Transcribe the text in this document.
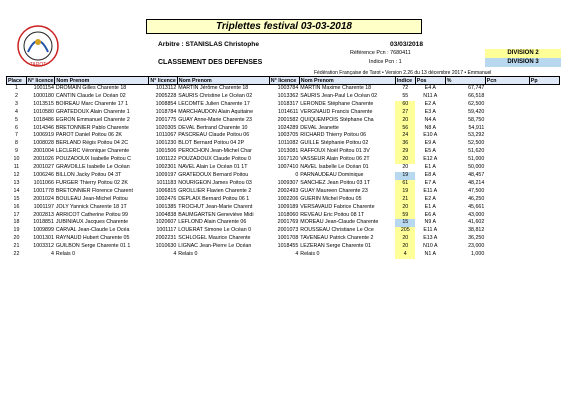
TAROT
Triplettes festival 03-03-2018
Arbitre : STANISLAS Christophe	03/03/2018
Référence Pcn : 7680411	DIVISION 2
CLASSEMENT DES DEFENSES	Indice Pcn : 1	DIVISION 3
Fédération Française de Tarot • Version 2.26 du 13 décembre 2017 • Emmanuel
Place	N° licence	Nom Prenom	N° licence	Nom Prenom	N° licence	Nom Prenom	Indice	Pos	%	Pcn	Pp
1	1001154	DROMAIN Gilles Charente 18	1013112	MARTIN Jérôme Charente 18	1003784	MARTIN Maxime Charente 18	72	E4 A	67,747		
2	1000180	CANTIN Claude Le Océan 02	2005228	SAURIS Christine Le Océan 02	1013362	SAURIS Jean-Paul Le Océan 02	55	N11 A	66,518		
3	1013515	BOIREAU Marc Charente 17 1	1008854	LECOMTE Julien Charente 17	1018317	LERONDE Stéphane Charente	60	E2 A	62,500		
4	1010580	GRATEDOUX Alain Charente 1	1018784	MARCHAUDON Alain Aquitaine	1014611	VERGNAUD Francis Charente	27	E3 A	59,420		
5	1018486	EGRON Emmanuel Charente 2	2001775	GUAY Anne-Marie Charente 23	2001582	QUIQUEMPOIS Stéphane Cha	20	N4 A	58,750		
6	1014346	BRETONNIER Pablo Charente	1020305	DEVAL Bertrand Charente 10	1024289	DEVAL Jeanette	56	N8 A	54,911		
7	1006919	PAROT Daniel Poitou 06 2K	1011067	PASCREAU Claude Poitou 06	1003705	RICHARD Thierry Poitou 06	24	E10 A	53,292		
8	1008028	BERLAND Régis Poitou 04 2C	1001230	BLOT Bernard Poitou 04 2P	1011082	GUILLE Stéphanie Poitou 02	36	E9 A	52,500		
9	2001004	LECLERC Véronique Charente	1001506	PEROCHON Jean-Michel Char	1013081	RAFFOUX Noël Poitou 01 3V	29	E5 A	51,620		
10	2001026	POUZADOUX Isabelle Poitou C	1001122	POUZADOUX Claude Poitou 0	1017120	VASSEUR Alain Poitou 06 2T	20	E12 A	51,000		
11	2001027	GRAVOILLE Isabelle Le Océan	1002301	NAVEL Alain Le Océan 01 1T	1007410	NAVEL Isabelle Le Océan 01	20	E1 A	50,000		
12	1006246	BILLON Jacky Poitou 04 3T	1009197	GRATEDOUX Bernard Poitou	0	PARNAUDEAU Dominique	19	E8 A	48,457		
13	1011066	FURGER Thierry Poitou 02 2K	1011183	NOURIGEON James Poitou 03	1009307	SANCHEZ Jean Poitou 03 1T	61	E7 A	48,214		
14	1001778	BRETONNIER Florence Charent	1006815	GROLLIER Flavien Charente 2	2002493	GUAY Maureen Charente 23	19	E11 A	47,500		
15	2001024	BOULEAU Jean-Michel Poitou	1002476	DEPLAIX Bernard Poitou 06 1	1002206	GUERIN Michel Poitou 05	21	E2 A	46,250		
16	1001197	JOLY Yannick Charente 18 1T	1001385	TROCHUT Jean-Marie Charent	1009189	VERSAVAUD Fabrice Charente	20	E1 A	45,661		
17	2002813	ARRICOT Catherine Poitou 99	1004838	BAUMGARTEN Geneviève Midi	1018060	REVEAU Eric Poitou 08 1T	59	E6 A	43,000		
18	1018851	JUBINIAUX Jacques Charente	1020607	LEFLOND Alain Charente 06	2001769	MOREAU Jean-Claude Charente	15	N9 A	41,602		
19	1009899	CARVAL Jean-Claude Le Océa	1001117	LOUERAT Simone Le Océan 0	2001073	ROUSSEAU Christiane Le Oce	205	E11 A	38,812		
20	1001301	RAYNAUD Hubert Charente 05	2002231	SCHLOGEL Maurice Charente	1001708	TAVENEAU Patrick Charente 2	20	E13 A	36,250		
21	1003312	GUILBON Serge Charente 01 1	1010630	LIGNAC Jean-Pierre Le Océan	1018455	LEZERAN Serge Charente 01	20	N10 A	23,000		
22	4	Relais 0	4	Relais 0	4	Relais 0	4	N1 A	1,000		
